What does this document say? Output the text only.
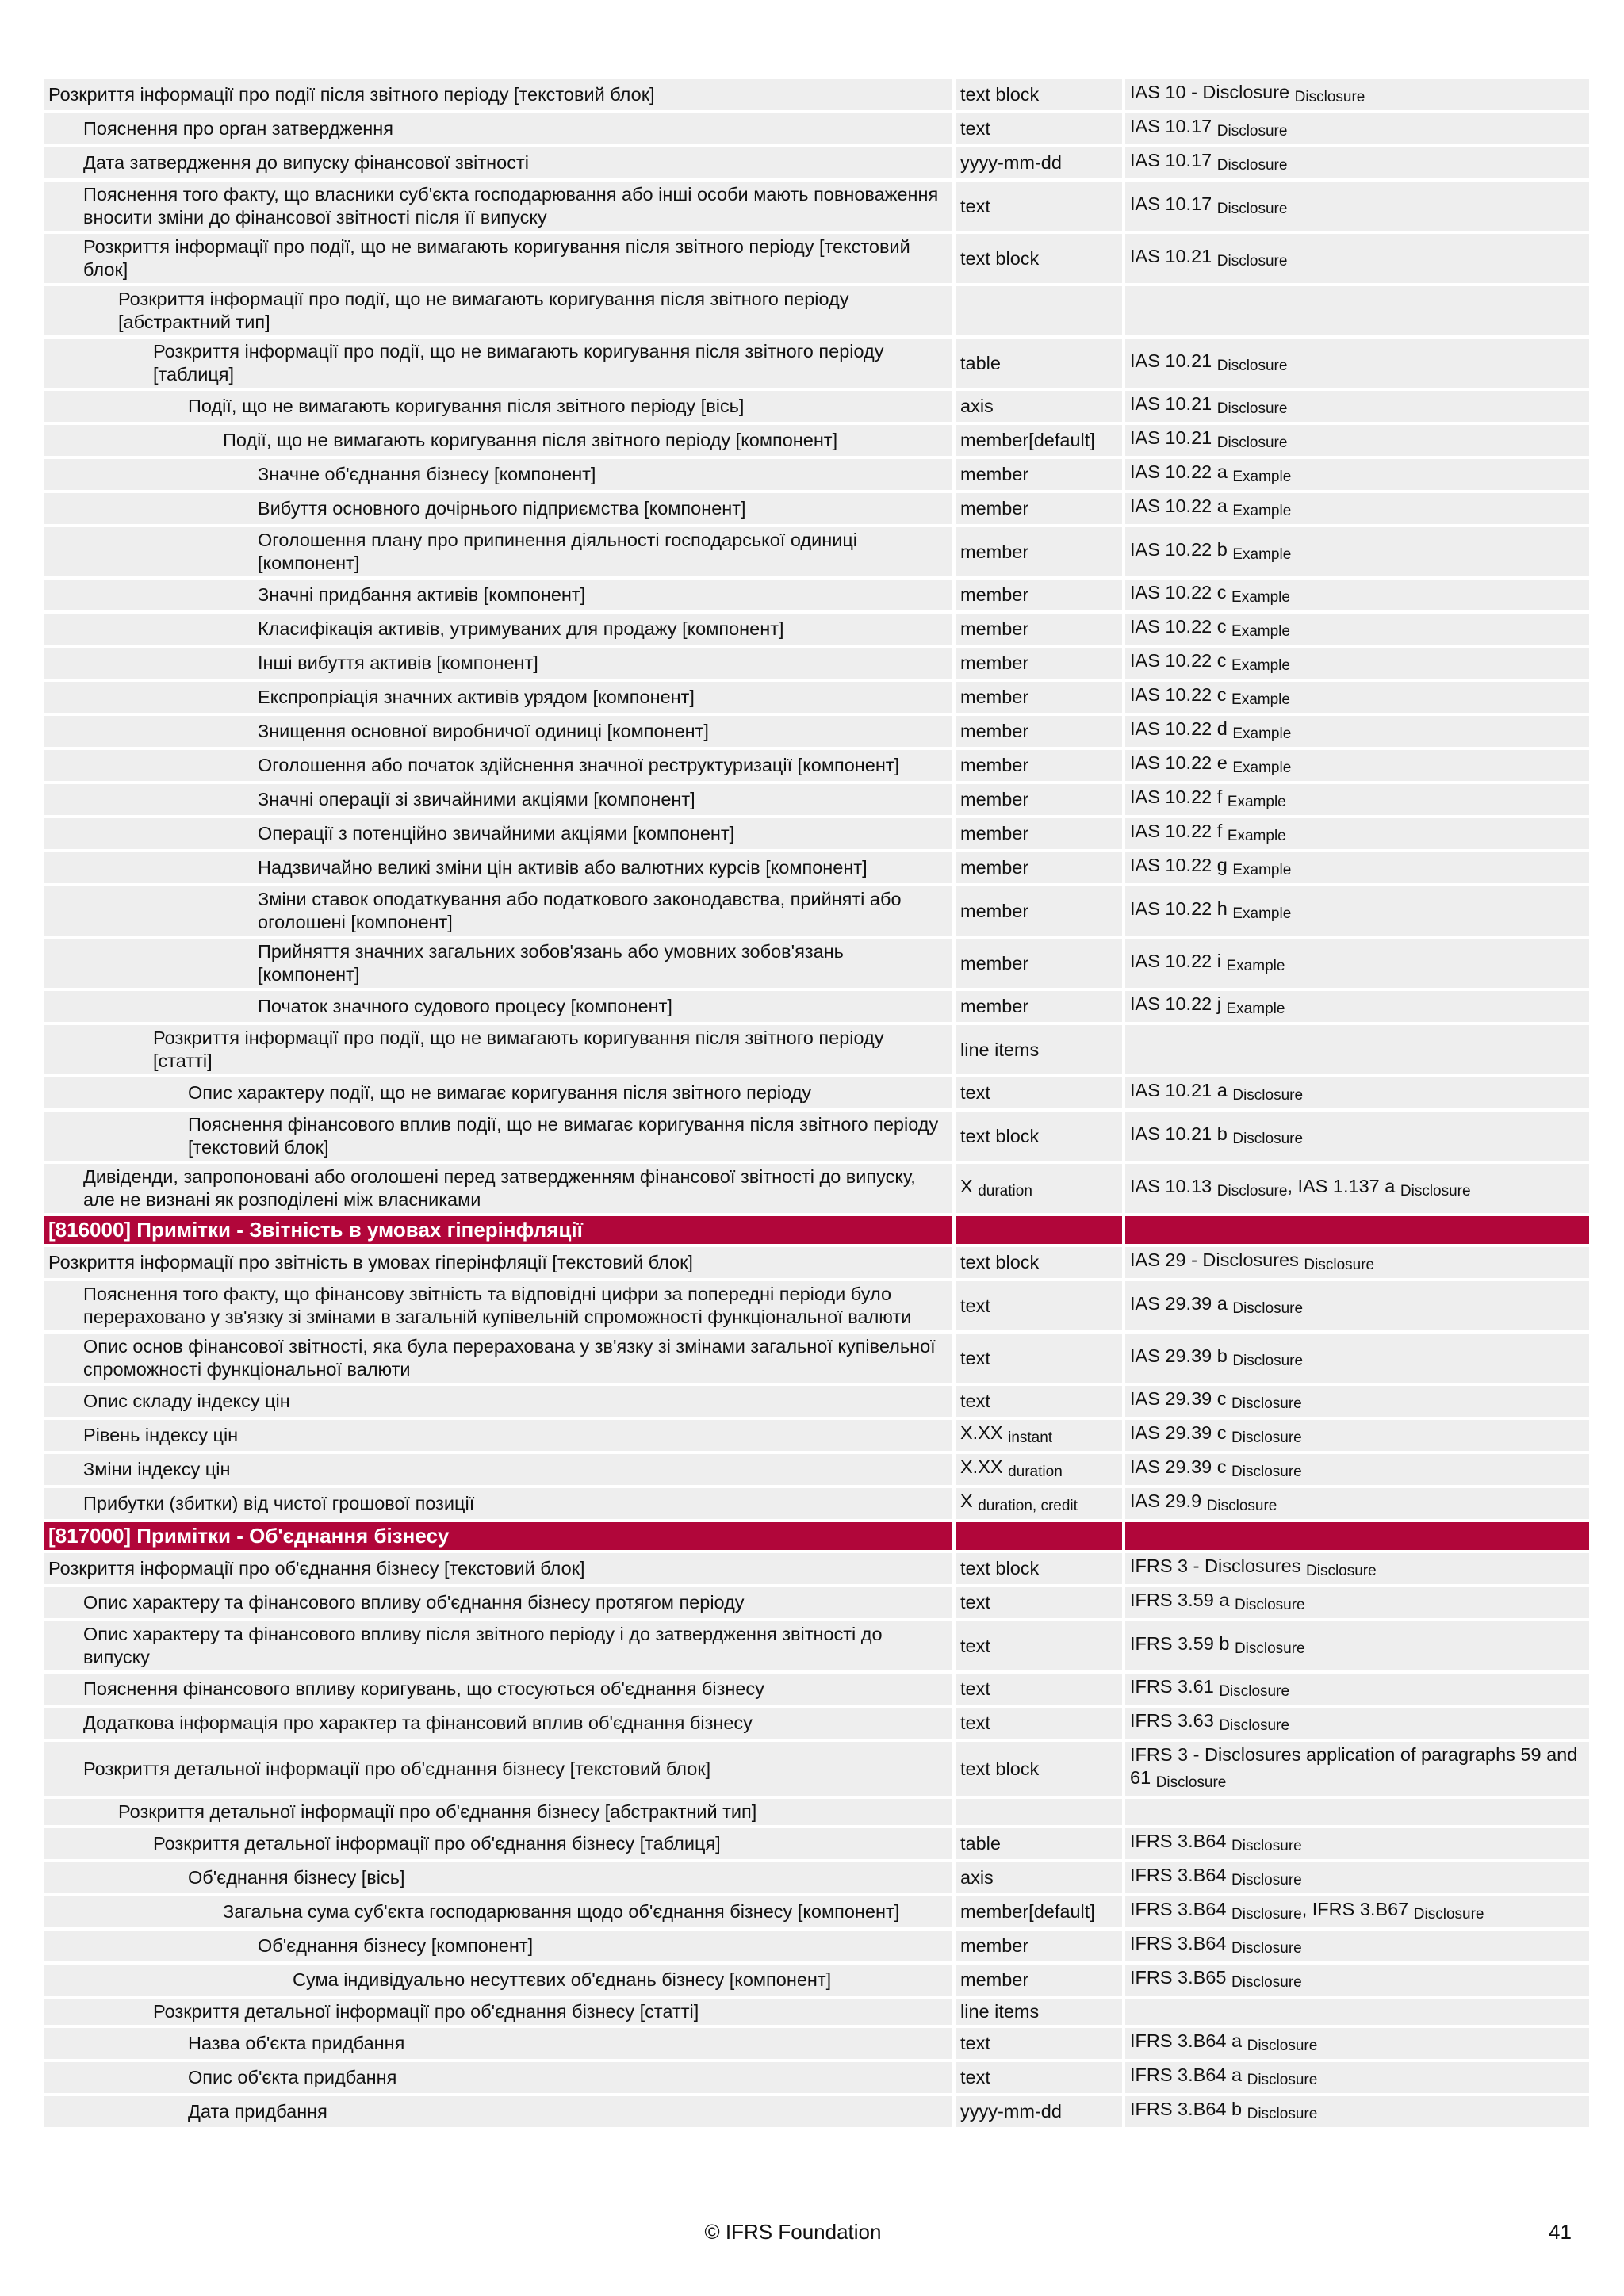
Розкриття інформації про події після звітного періоду [текстовий блок]	text block	IAS 10 - Disclosure $_{Disclosure}$
Пояснення про орган затвердження	text	IAS 10.17 $_{Disclosure}$
Дата затвердження до випуску фінансової звітності	yyyy-mm-dd	IAS 10.17 $_{Disclosure}$
Пояснення того факту, що власники суб'єкта господарювання або інші особи мають повноваження вносити зміни до фінансової звітності після її випуску	text	IAS 10.17 $_{Disclosure}$
Розкриття інформації про події, що не вимагають коригування після звітного періоду [текстовий блок]	text block	IAS 10.21 $_{Disclosure}$
Розкриття інформації про події, що не вимагають коригування після звітного періоду [абстрактний тип]		
Розкриття інформації про події, що не вимагають коригування після звітного періоду [таблиця]	table	IAS 10.21 $_{Disclosure}$
Події, що не вимагають коригування після звітного періоду [вісь]	axis	IAS 10.21 $_{Disclosure}$
Події, що не вимагають коригування після звітного періоду [компонент]	member[default]	IAS 10.21 $_{Disclosure}$
Значне об'єднання бізнесу [компонент]	member	IAS 10.22 a $_{Example}$
Вибуття основного дочірнього підприємства [компонент]	member	IAS 10.22 a $_{Example}$
Оголошення плану про припинення діяльності господарської одиниці [компонент]	member	IAS 10.22 b $_{Example}$
Значні придбання активів [компонент]	member	IAS 10.22 c $_{Example}$
Класифікація активів, утримуваних для продажу [компонент]	member	IAS 10.22 c $_{Example}$
Інші вибуття активів [компонент]	member	IAS 10.22 c $_{Example}$
Експропріація значних активів урядом [компонент]	member	IAS 10.22 c $_{Example}$
Знищення основної виробничої одиниці [компонент]	member	IAS 10.22 d $_{Example}$
Оголошення або початок здійснення значної реструктуризації [компонент]	member	IAS 10.22 e $_{Example}$
Значні операції зі звичайними акціями [компонент]	member	IAS 10.22 f $_{Example}$
Операції з потенційно звичайними акціями [компонент]	member	IAS 10.22 f $_{Example}$
Надзвичайно великі зміни цін активів або валютних курсів [компонент]	member	IAS 10.22 g $_{Example}$
Зміни ставок оподаткування або податкового законодавства, прийняті або оголошені [компонент]	member	IAS 10.22 h $_{Example}$
Прийняття значних загальних зобов'язань або умовних зобов'язань [компонент]	member	IAS 10.22 i $_{Example}$
Початок значного судового процесу [компонент]	member	IAS 10.22 j $_{Example}$
Розкриття інформації про події, що не вимагають коригування після звітного періоду [статті]	line items	
Опис характеру події, що не вимагає коригування після звітного періоду	text	IAS 10.21 a $_{Disclosure}$
Пояснення фінансового вплив події, що не вимагає коригування після звітного періоду [текстовий блок]	text block	IAS 10.21 b $_{Disclosure}$
Дивіденди, запропоновані або оголошені перед затвердженням фінансової звітності до випуску, але не визнані як розподілені між власниками	X $_{duration}$	IAS 10.13 $_{Disclosure}$, IAS 1.137 a $_{Disclosure}$
[816000] Примітки - Звітність в умовах гіперінфляції		
Розкриття інформації про звітність в умовах гіперінфляції [текстовий блок]	text block	IAS 29 - Disclosures $_{Disclosure}$
Пояснення того факту, що фінансову звітність та відповідні цифри за попередні періоди було перераховано у зв'язку зі змінами в загальній купівельній спроможності функціональної валюти	text	IAS 29.39 a $_{Disclosure}$
Опис основ фінансової звітності, яка була перерахована у зв'язку зі змінами загальної купівельної спроможності функціональної валюти	text	IAS 29.39 b $_{Disclosure}$
Опис складу індексу цін	text	IAS 29.39 c $_{Disclosure}$
Рівень індексу цін	X.XX $_{instant}$	IAS 29.39 c $_{Disclosure}$
Зміни індексу цін	X.XX $_{duration}$	IAS 29.39 c $_{Disclosure}$
Прибутки (збитки) від чистої грошової позиції	X $_{duration, credit}$	IAS 29.9 $_{Disclosure}$
[817000] Примітки - Об'єднання бізнесу		
Розкриття інформації про об'єднання бізнесу [текстовий блок]	text block	IFRS 3 - Disclosures $_{Disclosure}$
Опис характеру та фінансового впливу об'єднання бізнесу протягом періоду	text	IFRS 3.59 a $_{Disclosure}$
Опис характеру та фінансового впливу після звітного періоду і до затвердження звітності до випуску	text	IFRS 3.59 b $_{Disclosure}$
Пояснення фінансового впливу коригувань, що стосуються об'єднання бізнесу	text	IFRS 3.61 $_{Disclosure}$
Додаткова інформація про характер та фінансовий вплив об'єднання бізнесу	text	IFRS 3.63 $_{Disclosure}$
Розкриття детальної інформації про об'єднання бізнесу [текстовий блок]	text block	IFRS 3 - Disclosures application of paragraphs 59 and 61 $_{Disclosure}$
Розкриття детальної інформації про об'єднання бізнесу [абстрактний тип]		
Розкриття детальної інформації про об'єднання бізнесу [таблиця]	table	IFRS 3.B64 $_{Disclosure}$
Об'єднання бізнесу [вісь]	axis	IFRS 3.B64 $_{Disclosure}$
Загальна сума суб'єкта господарювання щодо об'єднання бізнесу [компонент]	member[default]	IFRS 3.B64 $_{Disclosure}$, IFRS 3.B67 $_{Disclosure}$
Об'єднання бізнесу [компонент]	member	IFRS 3.B64 $_{Disclosure}$
Сума індивідуально несуттєвих об'єднань бізнесу [компонент]	member	IFRS 3.B65 $_{Disclosure}$
Розкриття детальної інформації про об'єднання бізнесу [статті]	line items	
Назва об'єкта придбання	text	IFRS 3.B64 a $_{Disclosure}$
Опис об'єкта придбання	text	IFRS 3.B64 a $_{Disclosure}$
Дата придбання	yyyy-mm-dd	IFRS 3.B64 b $_{Disclosure}$
© IFRS Foundation	41
